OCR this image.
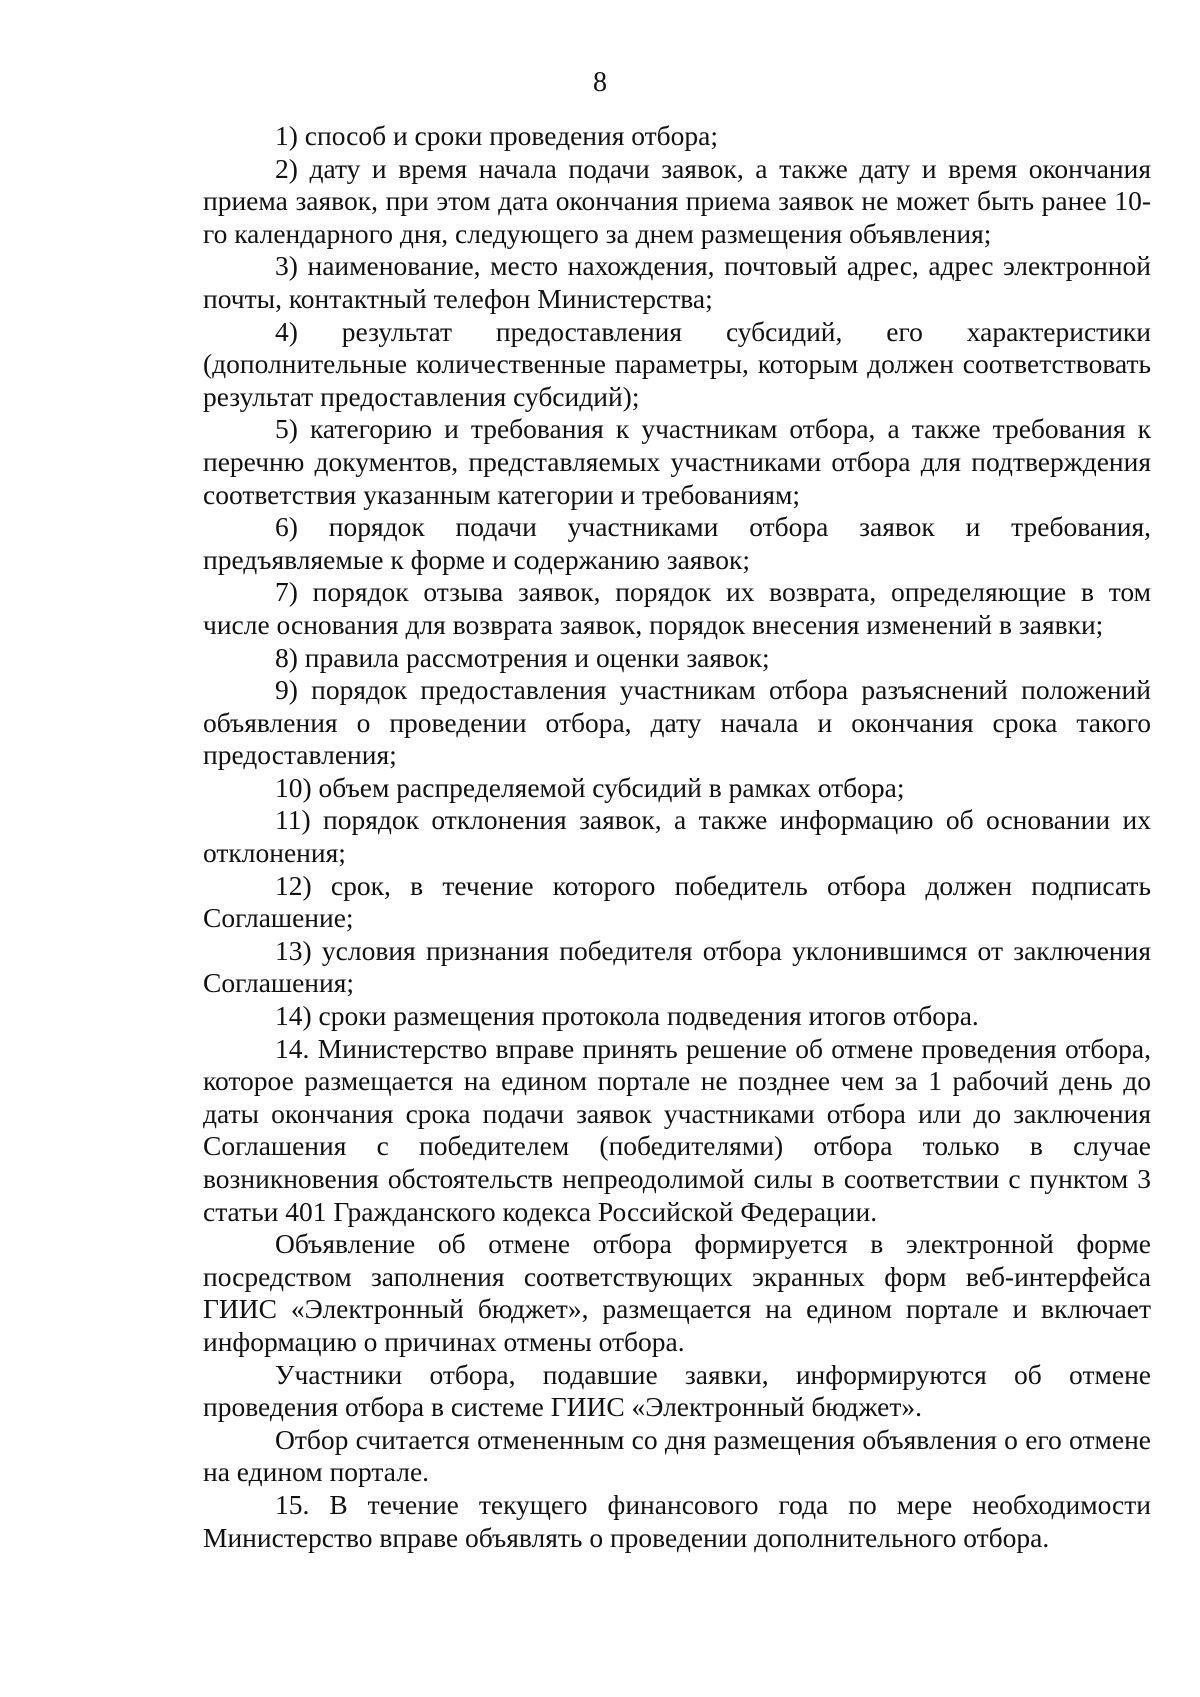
8

1) способ и сроки проведения отбора;

2) дату и время начала подачи заявок, а также дату и время окончания приема заявок, при этом дата окончания приема заявок не может быть ранее 10-го календарного дня, следующего за днем размещения объявления;

3) наименование, место нахождения, почтовый адрес, адрес электронной почты, контактный телефон Министерства;

4) результат предоставления субсидий, его характеристики (дополнительные количественные параметры, которым должен соответствовать результат предоставления субсидий);

5) категорию и требования к участникам отбора, а также требования к перечню документов, представляемых участниками отбора для подтверждения соответствия указанным категории и требованиям;

6) порядок подачи участниками отбора заявок и требования, предъявляемые к форме и содержанию заявок;

7) порядок отзыва заявок, порядок их возврата, определяющие в том числе основания для возврата заявок, порядок внесения изменений в заявки;

8) правила рассмотрения и оценки заявок;

9) порядок предоставления участникам отбора разъяснений положений объявления о проведении отбора, дату начала и окончания срока такого предоставления;

10) объем распределяемой субсидий в рамках отбора;

11) порядок отклонения заявок, а также информацию об основании их отклонения;

12) срок, в течение которого победитель отбора должен подписать Соглашение;

13) условия признания победителя отбора уклонившимся от заключения Соглашения;

14) сроки размещения протокола подведения итогов отбора.

14. Министерство вправе принять решение об отмене проведения отбора, которое размещается на едином портале не позднее чем за 1 рабочий день до даты окончания срока подачи заявок участниками отбора или до заключения Соглашения с победителем (победителями) отбора только в случае возникновения обстоятельств непреодолимой силы в соответствии с пунктом 3 статьи 401 Гражданского кодекса Российской Федерации.

Объявление об отмене отбора формируется в электронной форме посредством заполнения соответствующих экранных форм веб-интерфейса ГИИС «Электронный бюджет», размещается на едином портале и включает информацию о причинах отмены отбора.

Участники отбора, подавшие заявки, информируются об отмене проведения отбора в системе ГИИС «Электронный бюджет».

Отбор считается отмененным со дня размещения объявления о его отмене на едином портале.

15. В течение текущего финансового года по мере необходимости Министерство вправе объявлять о проведении дополнительного отбора.
